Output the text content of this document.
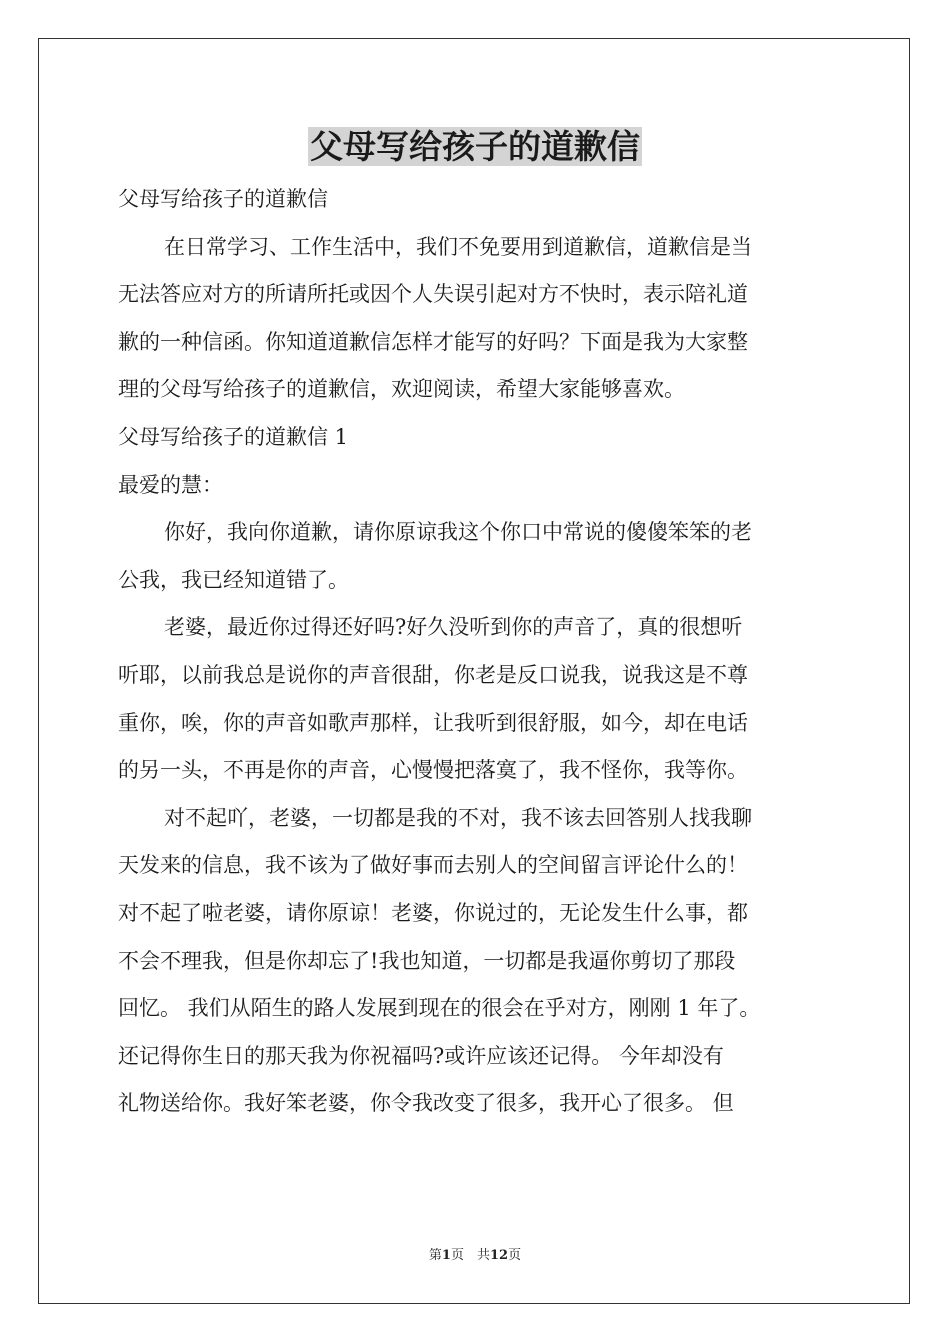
父母写给孩子的道歉信
父母写给孩子的道歉信
在日常学习、工作生活中，我们不免要用到道歉信，道歉信是当
无法答应对方的所请所托或因个人失误引起对方不快时，表示陪礼道
歉的一种信函。你知道道歉信怎样才能写的好吗？下面是我为大家整
理的父母写给孩子的道歉信，欢迎阅读，希望大家能够喜欢。
父母写给孩子的道歉信 1
最爱的慧：
你好，我向你道歉，请你原谅我这个你口中常说的傻傻笨笨的老
公我，我已经知道错了。
老婆，最近你过得还好吗?好久没听到你的声音了，真的很想听
听耶，以前我总是说你的声音很甜，你老是反口说我，说我这是不尊
重你，唉，你的声音如歌声那样，让我听到很舒服，如今，却在电话
的另一头，不再是你的声音，心慢慢把落寞了，我不怪你，我等你。
对不起吖，老婆，一切都是我的不对，我不该去回答别人找我聊
天发来的信息，我不该为了做好事而去别人的空间留言评论什么的！
对不起了啦老婆，请你原谅！老婆，你说过的，无论发生什么事，都
不会不理我，但是你却忘了!我也知道，一切都是我逼你剪切了那段
回忆。 我们从陌生的路人发展到现在的很会在乎对方，刚刚 1 年了。
还记得你生日的那天我为你祝福吗?或许应该还记得。 今年却没有
礼物送给你。我好笨老婆，你令我改变了很多，我开心了很多。 但
第1页　共12页
